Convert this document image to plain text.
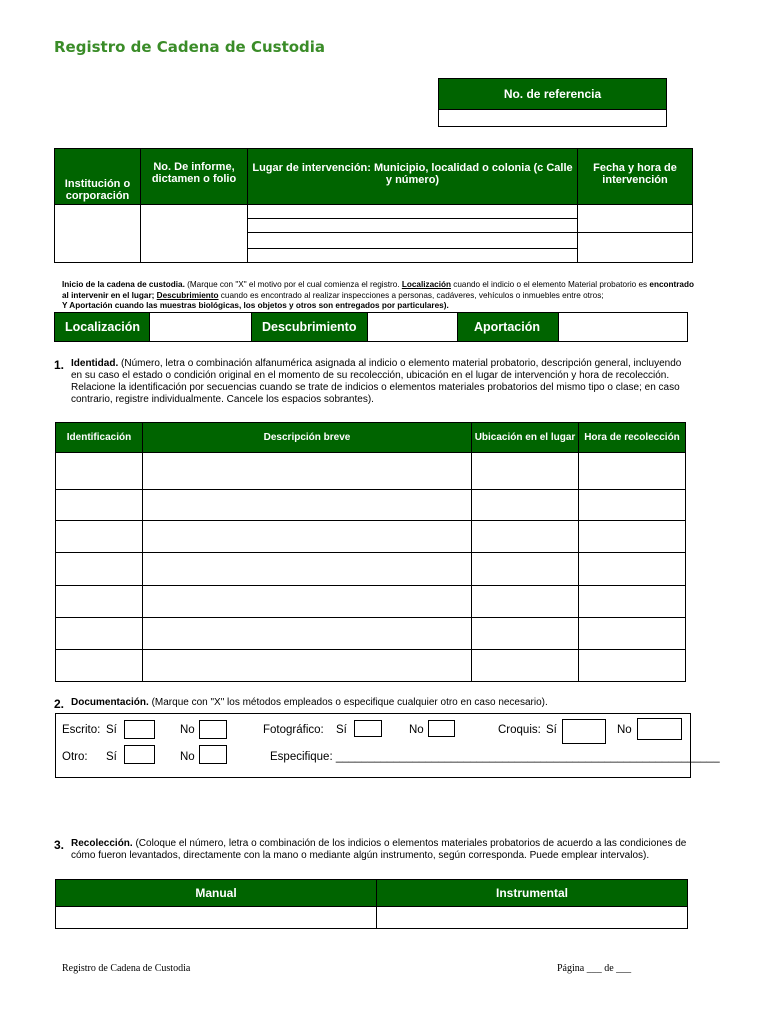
Registro de Cadena de Custodia
No. de referencia
Institución o corporación	No. De informe, dictamen o folio	Lugar de intervención: Municipio, localidad o colonia (c Calle y número)	Fecha y hora de intervención

Inicio de la cadena de custodia. (Marque con "X" el motivo por el cual comienza el registro. Localización cuando el indicio o el elemento Material probatorio es encontrado al intervenir en el lugar; Descubrimiento cuando es encontrado al realizar inspecciones a personas, cadáveres, vehículos o inmuebles entre otros;
Y Aportación cuando las muestras biológicas, los objetos y otros son entregados por particulares).
Localización	Descubrimiento	Aportación
1. Identidad. (Número, letra o combinación alfanumérica asignada al indicio o elemento material probatorio, descripción general, incluyendo en su caso el estado o condición original en el momento de su recolección, ubicación en el lugar de intervención y hora de recolección. Relacione la identificación por secuencias cuando se trate de indicios o elementos materiales probatorios del mismo tipo o clase; en caso contrario, registre individualmente. Cancele los espacios sobrantes).
Identificación	Descripción breve	Ubicación en el lugar	Hora de recolección

2. Documentación. (Marque con "X" los métodos empleados o especifique cualquier otro en caso necesario).
Escrito: Sí	No	Fotográfico: Sí	No	Croquis: Sí	No
Otro: Sí	No	Especifique: ____________________________________________________________
3. Recolección. (Coloque el número, letra o combinación de los indicios o elementos materiales probatorios de acuerdo a las condiciones de cómo fueron levantados, directamente con la mano o mediante algún instrumento, según corresponda. Puede emplear intervalos).
Manual	Instrumental

Registro de Cadena de Custodia	Página ___ de ___
